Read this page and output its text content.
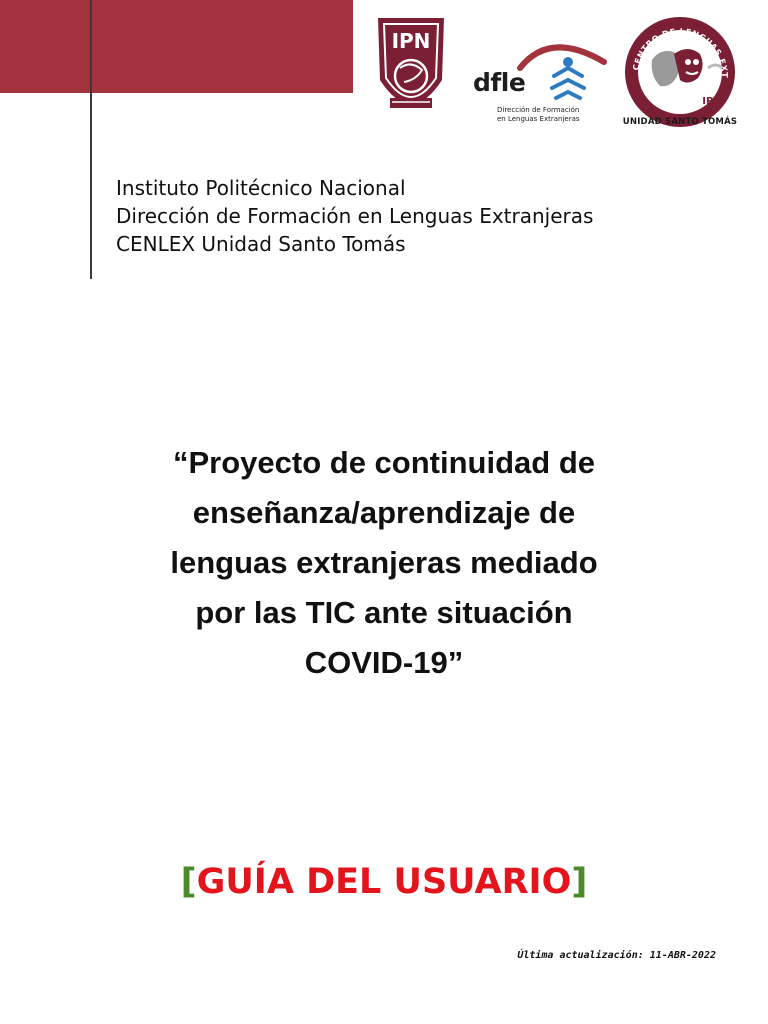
IPN
dfle
Dirección de Formación
en Lenguas Extranjeras
CENTRO DE LENGUAS EXT
IPN
UNIDAD SANTO TOMÁS
Instituto Politécnico Nacional
Dirección de Formación en Lenguas Extranjeras
CENLEX Unidad Santo Tomás
“Proyecto de continuidad de
enseñanza/aprendizaje de
lenguas extranjeras mediado
por las TIC ante situación
COVID-19”
[GUÍA DEL USUARIO]
Última actualización: 11-ABR-2022
